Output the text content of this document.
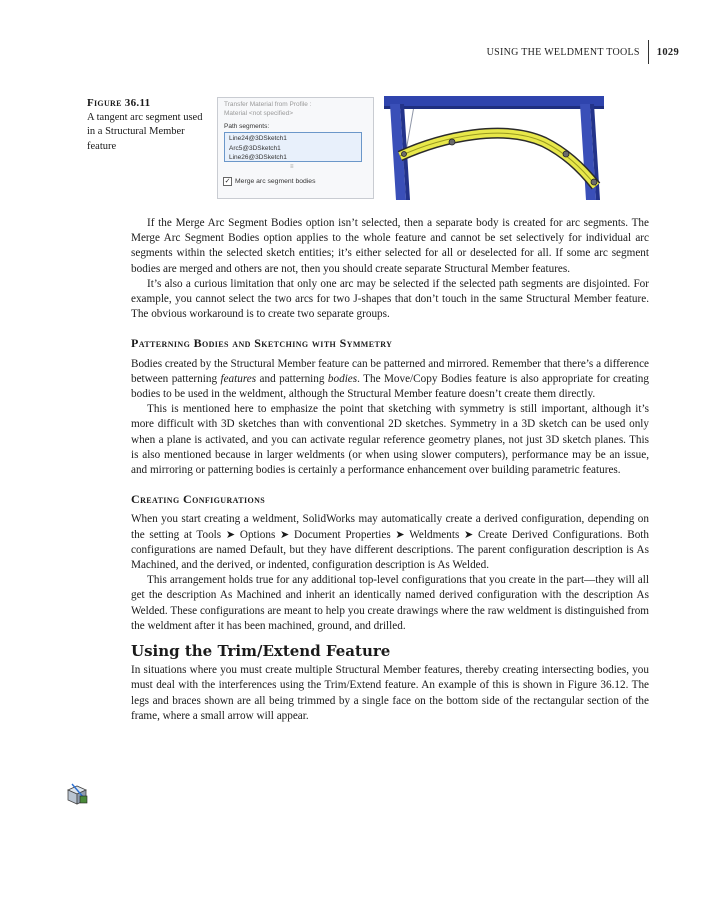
USING THE WELDMENT TOOLS 1029
Figure 36.11
A tangent arc segment used in a Structural Member feature
Transfer Material from Profile :
Material <not specified>
Path segments:
Line24@3DSketch1
Arc5@3DSketch1
Line26@3DSketch1
≡
✓ Merge arc segment bodies

If the Merge Arc Segment Bodies option isn’t selected, then a separate body is created for arc segments. The Merge Arc Segment Bodies option applies to the whole feature and cannot be set selectively for individual arc segments within the selected sketch entities; it’s either selected for all or deselected for all. If some arc segment bodies are merged and others are not, then you should create separate Structural Member features.

It’s also a curious limitation that only one arc may be selected if the selected path segments are disjointed. For example, you cannot select the two arcs for two J-shapes that don’t touch in the same Structural Member feature. The obvious workaround is to create two separate groups.

Patterning Bodies and Sketching with Symmetry

Bodies created by the Structural Member feature can be patterned and mirrored. Remember that there’s a difference between patterning features and patterning bodies. The Move/Copy Bodies feature is also appropriate for creating bodies to be used in the weldment, although the Structural Member feature doesn’t create them directly.

This is mentioned here to emphasize the point that sketching with symmetry is still important, although it’s more difficult with 3D sketches than with conventional 2D sketches. Symmetry in a 3D sketch can be used only when a plane is activated, and you can activate regular reference geometry planes, not just 3D sketch planes. This is also mentioned because in larger weldments (or when using slower computers), performance may be an issue, and mirroring or patterning bodies is certainly a performance enhancement over building parametric features.

Creating Configurations

When you start creating a weldment, SolidWorks may automatically create a derived configuration, depending on the setting at Tools ➤ Options ➤ Document Properties ➤ Weldments ➤ Create Derived Configurations. Both configurations are named Default, but they have different descriptions. The parent configuration description is As Machined, and the derived, or indented, configuration description is As Welded.

This arrangement holds true for any additional top-level configurations that you create in the part—they will all get the description As Machined and inherit an identically named derived configuration with the description As Welded. These configurations are meant to help you create drawings where the raw weldment is distinguished from the weldment after it has been machined, ground, and drilled.

Using the Trim/Extend Feature

In situations where you must create multiple Structural Member features, thereby creating intersecting bodies, you must deal with the interferences using the Trim/Extend feature. An example of this is shown in Figure 36.12. The legs and braces shown are all being trimmed by a single face on the bottom side of the rectangular section of the frame, where a small arrow will appear.
